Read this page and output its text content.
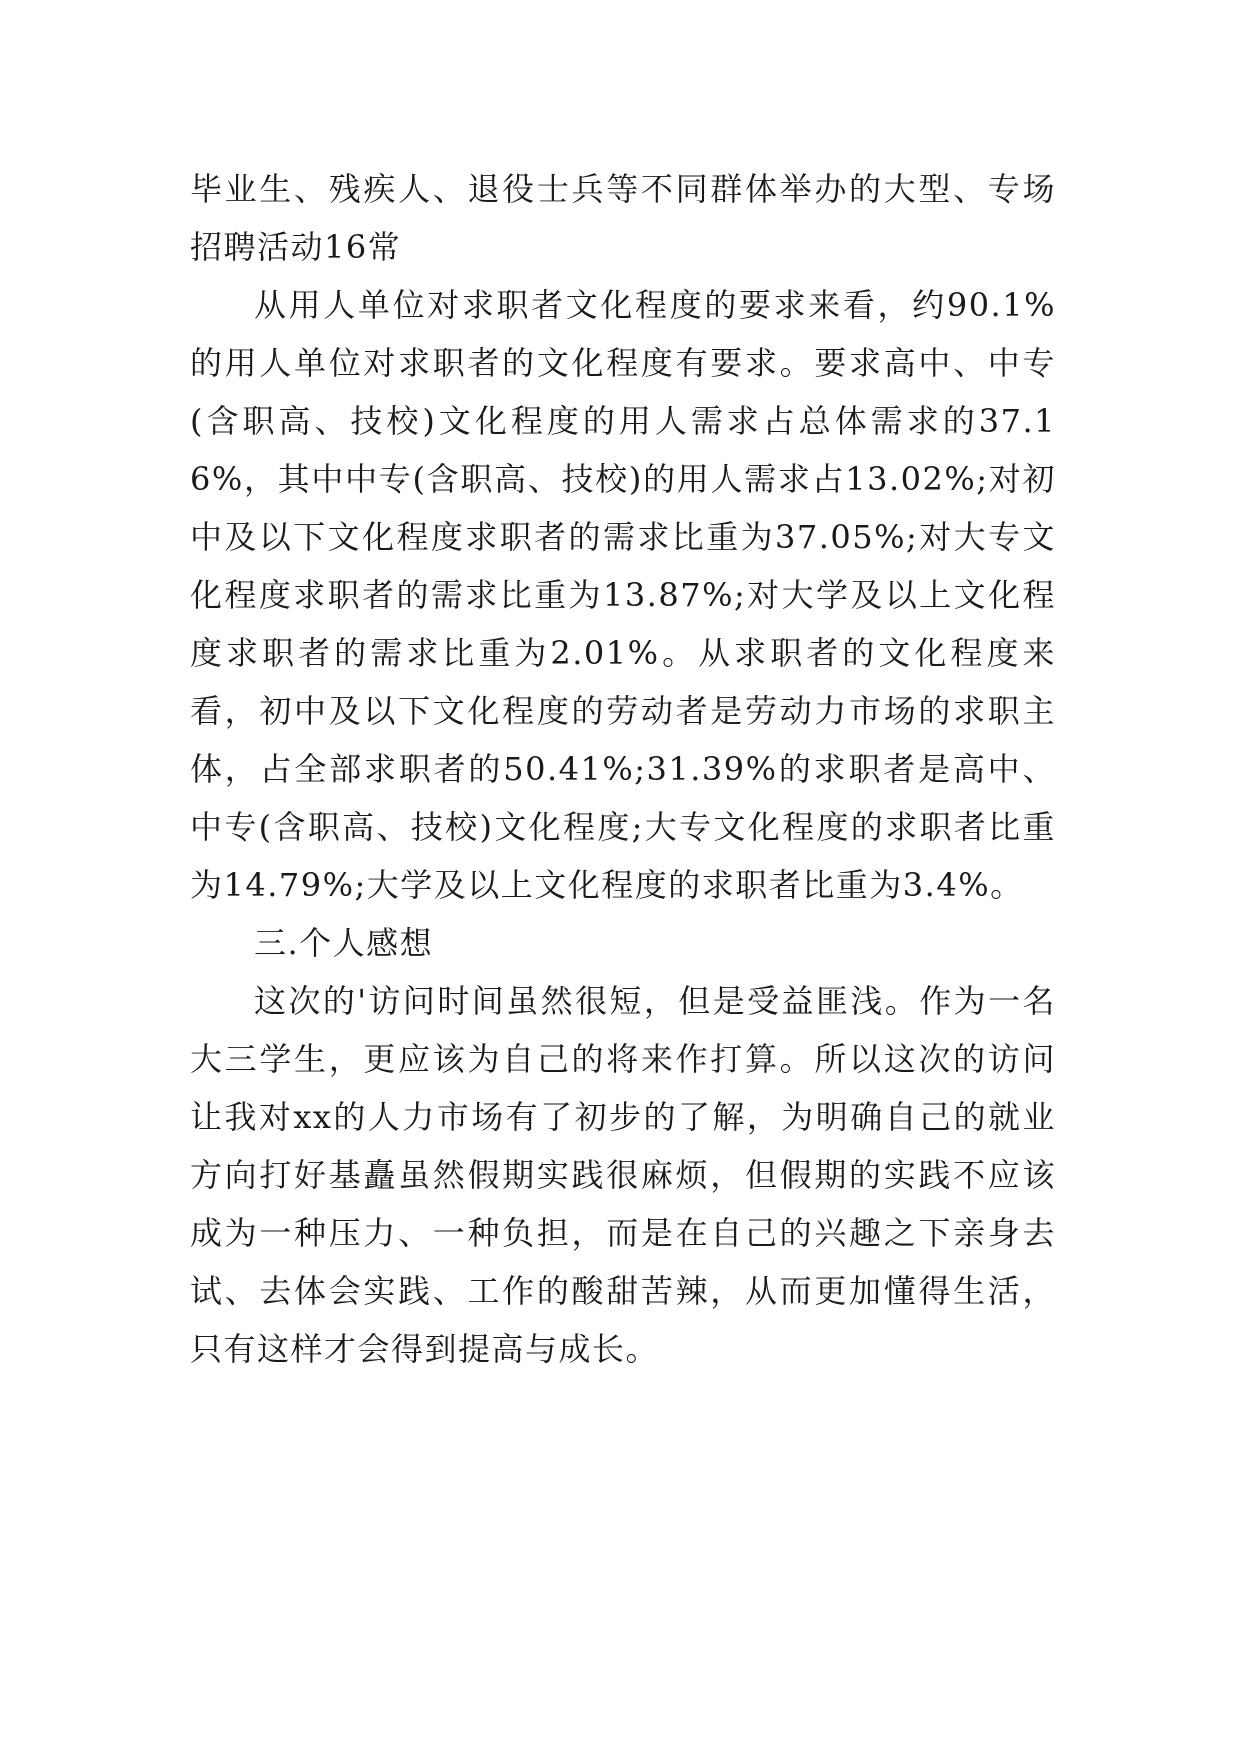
毕业生、残疾人、退役士兵等不同群体举办的大型、专场招聘活动16常

从用人单位对求职者文化程度的要求来看，约90.1%的用人单位对求职者的文化程度有要求。要求高中、中专(含职高、技校)文化程度的用人需求占总体需求的37.16%，其中中专(含职高、技校)的用人需求占13.02%;对初中及以下文化程度求职者的需求比重为37.05%;对大专文化程度求职者的需求比重为13.87%;对大学及以上文化程度求职者的需求比重为2.01%。从求职者的文化程度来看，初中及以下文化程度的劳动者是劳动力市场的求职主体，占全部求职者的50.41%;31.39%的求职者是高中、中专(含职高、技校)文化程度;大专文化程度的求职者比重为14.79%;大学及以上文化程度的求职者比重为3.4%。

三.个人感想

这次的'访问时间虽然很短，但是受益匪浅。作为一名大三学生，更应该为自己的将来作打算。所以这次的访问让我对xx的人力市场有了初步的了解，为明确自己的就业方向打好基矗虽然假期实践很麻烦，但假期的实践不应该成为一种压力、一种负担，而是在自己的兴趣之下亲身去试、去体会实践、工作的酸甜苦辣，从而更加懂得生活，只有这样才会得到提高与成长。
